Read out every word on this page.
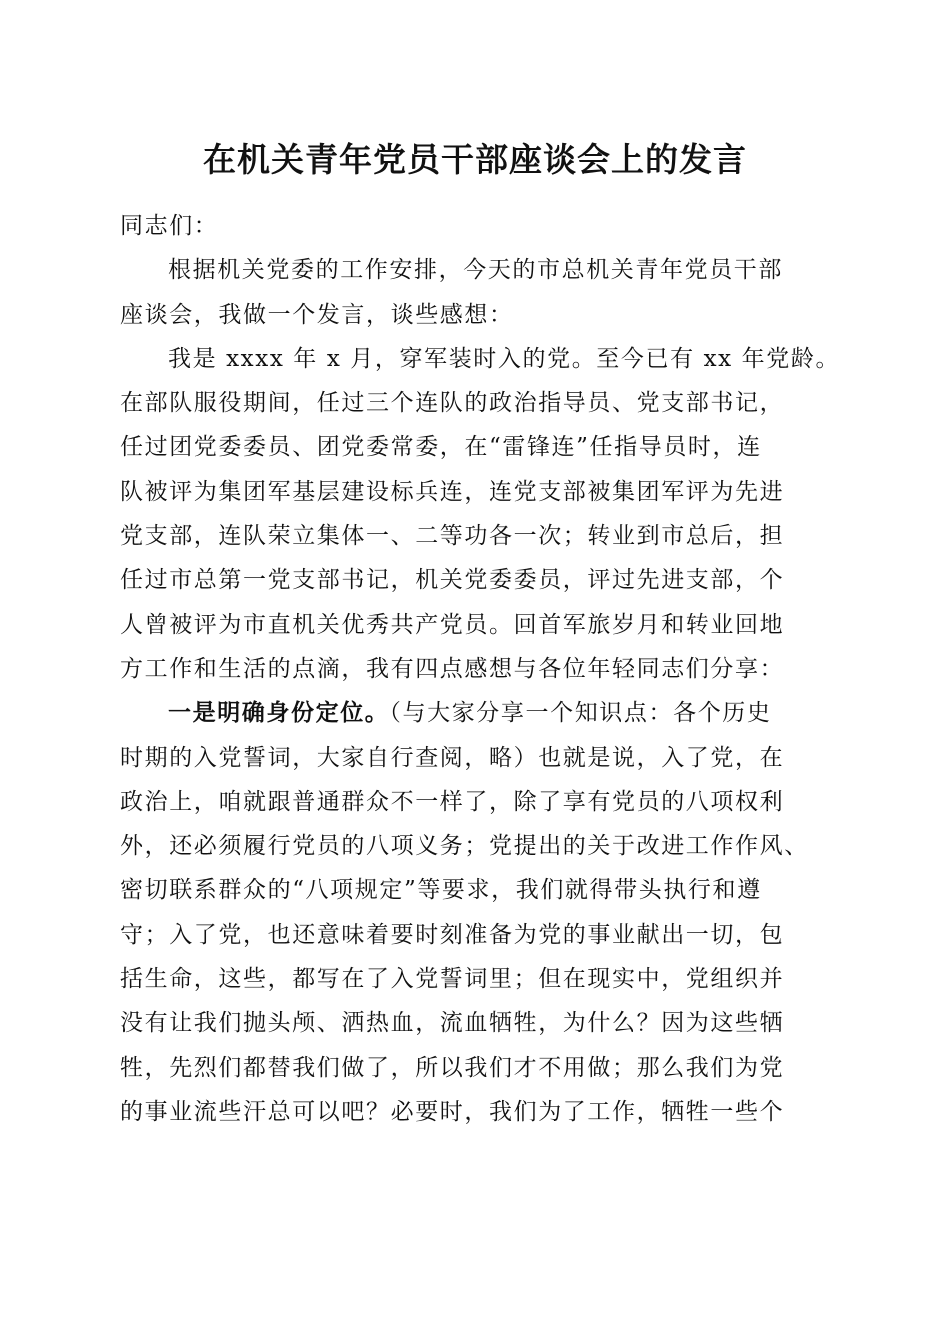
在机关青年党员干部座谈会上的发言
同志们：
根据机关党委的工作安排，今天的市总机关青年党员干部
座谈会，我做一个发言，谈些感想：
我是 xxxx 年 x 月，穿军装时入的党。至今已有 xx 年党龄。
在部队服役期间，任过三个连队的政治指导员、党支部书记，
任过团党委委员、团党委常委，在“雷锋连”任指导员时，连
队被评为集团军基层建设标兵连，连党支部被集团军评为先进
党支部，连队荣立集体一、二等功各一次；转业到市总后，担
任过市总第一党支部书记，机关党委委员，评过先进支部，个
人曾被评为市直机关优秀共产党员。回首军旅岁月和转业回地
方工作和生活的点滴，我有四点感想与各位年轻同志们分享：
一是明确身份定位。（与大家分享一个知识点：各个历史
时期的入党誓词，大家自行查阅，略）也就是说，入了党，在
政治上，咱就跟普通群众不一样了，除了享有党员的八项权利
外，还必须履行党员的八项义务；党提出的关于改进工作作风、
密切联系群众的“八项规定”等要求，我们就得带头执行和遵
守；入了党，也还意味着要时刻准备为党的事业献出一切，包
括生命，这些，都写在了入党誓词里；但在现实中，党组织并
没有让我们抛头颅、洒热血，流血牺牲，为什么？因为这些牺
牲，先烈们都替我们做了，所以我们才不用做；那么我们为党
的事业流些汗总可以吧？必要时，我们为了工作，牺牲一些个
